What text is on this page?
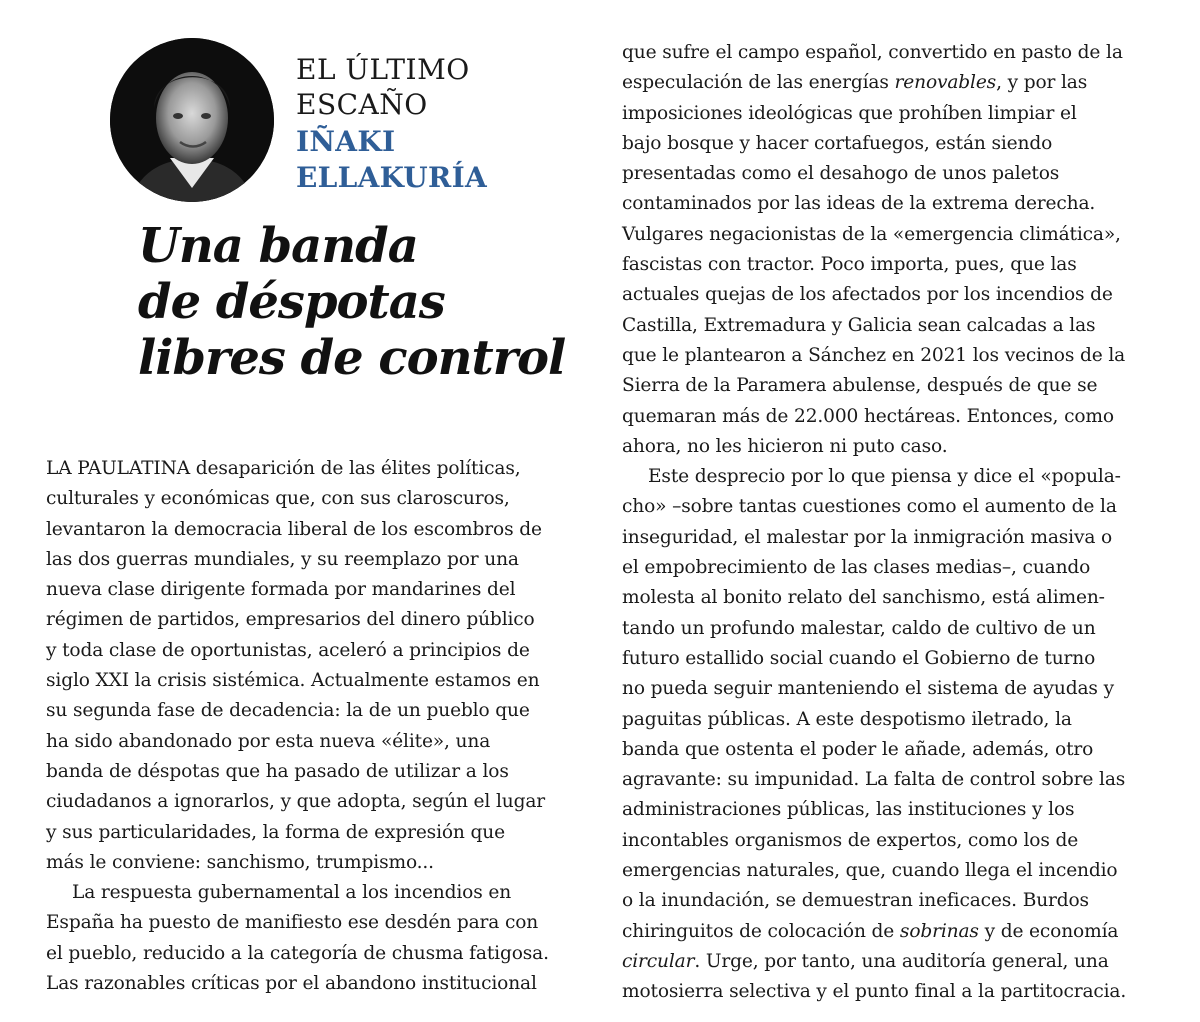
EL ÚLTIMO
ESCAÑO
IÑAKI
ELLAKURÍA
Una banda
de déspotas
libres de control
LA PAULATINA desaparición de las élites políticas,
culturales y económicas que, con sus claroscuros,
levantaron la democracia liberal de los escombros de
las dos guerras mundiales, y su reemplazo por una
nueva clase dirigente formada por mandarines del
régimen de partidos, empresarios del dinero público
y toda clase de oportunistas, aceleró a principios de
siglo XXI la crisis sistémica. Actualmente estamos en
su segunda fase de decadencia: la de un pueblo que
ha sido abandonado por esta nueva «élite», una
banda de déspotas que ha pasado de utilizar a los
ciudadanos a ignorarlos, y que adopta, según el lugar
y sus particularidades, la forma de expresión que
más le conviene: sanchismo, trumpismo...
La respuesta gubernamental a los incendios en
España ha puesto de manifiesto ese desdén para con
el pueblo, reducido a la categoría de chusma fatigosa.
Las razonables críticas por el abandono institucional
que sufre el campo español, convertido en pasto de la
especulación de las energías renovables, y por las
imposiciones ideológicas que prohíben limpiar el
bajo bosque y hacer cortafuegos, están siendo
presentadas como el desahogo de unos paletos
contaminados por las ideas de la extrema derecha.
Vulgares negacionistas de la «emergencia climática»,
fascistas con tractor. Poco importa, pues, que las
actuales quejas de los afectados por los incendios de
Castilla, Extremadura y Galicia sean calcadas a las
que le plantearon a Sánchez en 2021 los vecinos de la
Sierra de la Paramera abulense, después de que se
quemaran más de 22.000 hectáreas. Entonces, como
ahora, no les hicieron ni puto caso.
Este desprecio por lo que piensa y dice el «popula-
cho» –sobre tantas cuestiones como el aumento de la
inseguridad, el malestar por la inmigración masiva o
el empobrecimiento de las clases medias–, cuando
molesta al bonito relato del sanchismo, está alimen-
tando un profundo malestar, caldo de cultivo de un
futuro estallido social cuando el Gobierno de turno
no pueda seguir manteniendo el sistema de ayudas y
paguitas públicas. A este despotismo iletrado, la
banda que ostenta el poder le añade, además, otro
agravante: su impunidad. La falta de control sobre las
administraciones públicas, las instituciones y los
incontables organismos de expertos, como los de
emergencias naturales, que, cuando llega el incendio
o la inundación, se demuestran ineficaces. Burdos
chiringuitos de colocación de sobrinas y de economía
circular. Urge, por tanto, una auditoría general, una
motosierra selectiva y el punto final a la partitocracia.
